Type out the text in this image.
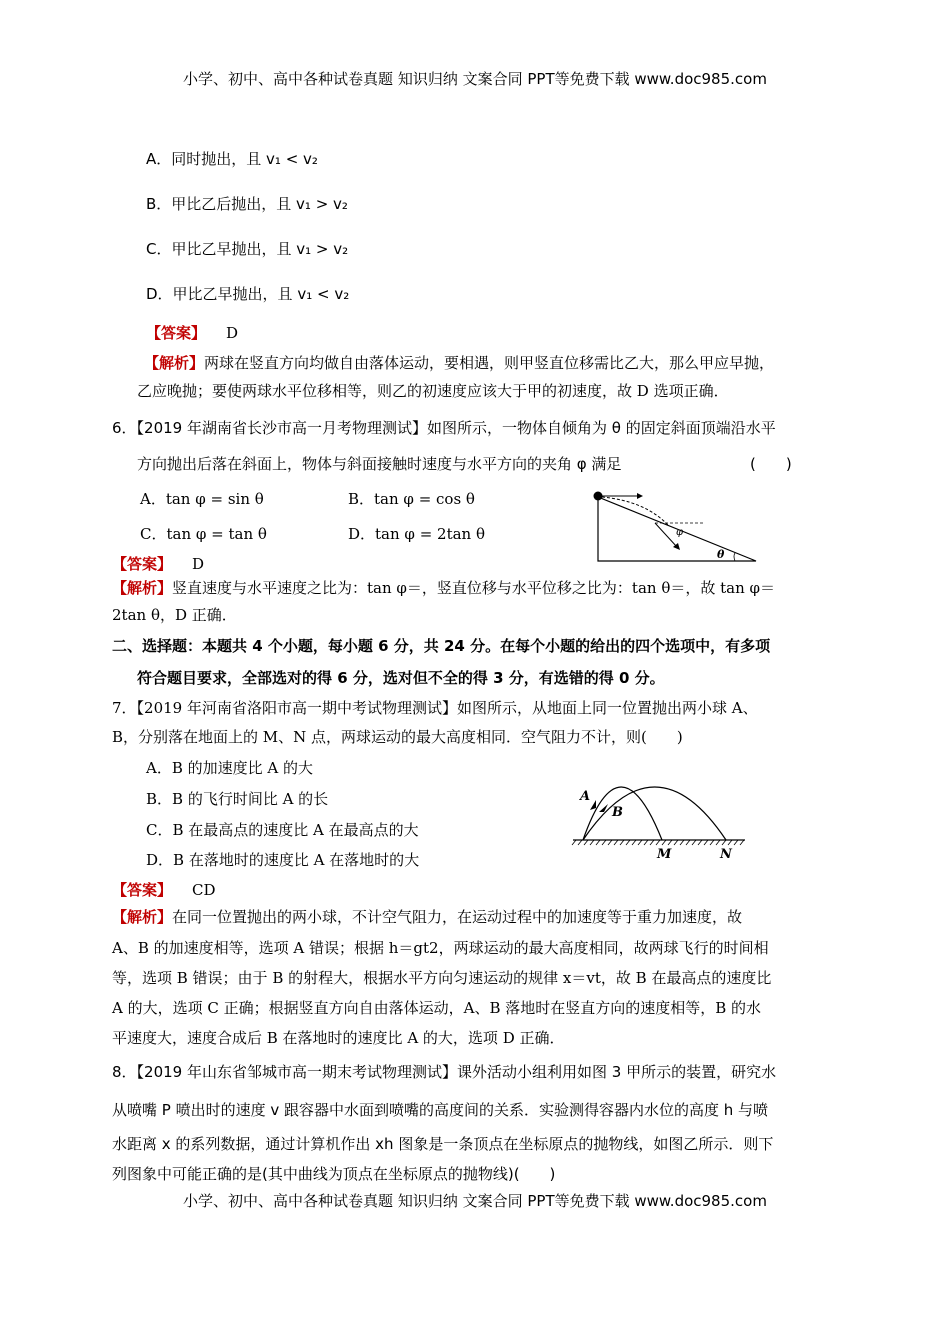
小学、初中、高中各种试卷真题 知识归纳 文案合同 PPT等免费下载 www.doc985.com
A．同时抛出，且 v₁ < v₂
B．甲比乙后抛出，且 v₁ > v₂
C．甲比乙早抛出，且 v₁ > v₂
D．甲比乙早抛出，且 v₁ < v₂
【答案】 D
【解析】两球在竖直方向均做自由落体运动，要相遇，则甲竖直位移需比乙大，那么甲应早抛，
乙应晚抛；要使两球水平位移相等，则乙的初速度应该大于甲的初速度，故 D 选项正确．
6．【2019 年湖南省长沙市高一月考物理测试】如图所示，一物体自倾角为 θ 的固定斜面顶端沿水平
方向抛出后落在斜面上，物体与斜面接触时速度与水平方向的夹角 φ 满足	(　　)
A．tan φ = sin θ	B．tan φ = cos θ
C．tan φ = tan θ	D．tan φ = 2tan θ	φ
θ
【答案】 D
【解析】竖直速度与水平速度之比为：tan φ＝，竖直位移与水平位移之比为：tan θ＝，故 tan φ＝
2tan θ，D 正确．
二、选择题：本题共 4 个小题，每小题 6 分，共 24 分。在每个小题的给出的四个选项中，有多项
符合题目要求，全部选对的得 6 分，选对但不全的得 3 分，有选错的得 0 分。
7．【2019 年河南省洛阳市高一期中考试物理测试】如图所示，从地面上同一位置抛出两小球 A、
B，分别落在地面上的 M、N 点，两球运动的最大高度相同．空气阻力不计，则(　　)
A．B 的加速度比 A 的大
B．B 的飞行时间比 A 的长
C．B 在最高点的速度比 A 在最高点的大
D．B 在落地时的速度比 A 在落地时的大
A
B
M	N
【答案】 CD
【解析】在同一位置抛出的两小球，不计空气阻力，在运动过程中的加速度等于重力加速度，故
A、B 的加速度相等，选项 A 错误；根据 h＝gt2，两球运动的最大高度相同，故两球飞行的时间相
等，选项 B 错误；由于 B 的射程大，根据水平方向匀速运动的规律 x＝vt，故 B 在最高点的速度比
A 的大，选项 C 正确；根据竖直方向自由落体运动，A、B 落地时在竖直方向的速度相等，B 的水
平速度大，速度合成后 B 在落地时的速度比 A 的大，选项 D 正确．
8．【2019 年山东省邹城市高一期末考试物理测试】课外活动小组利用如图 3 甲所示的装置，研究水
从喷嘴 P 喷出时的速度 v 跟容器中水面到喷嘴的高度间的关系．实验测得容器内水位的高度 h 与喷
水距离 x 的系列数据，通过计算机作出 xh 图象是一条顶点在坐标原点的抛物线，如图乙所示．则下
列图象中可能正确的是(其中曲线为顶点在坐标原点的抛物线)(　　)
小学、初中、高中各种试卷真题 知识归纳 文案合同 PPT等免费下载 www.doc985.com
